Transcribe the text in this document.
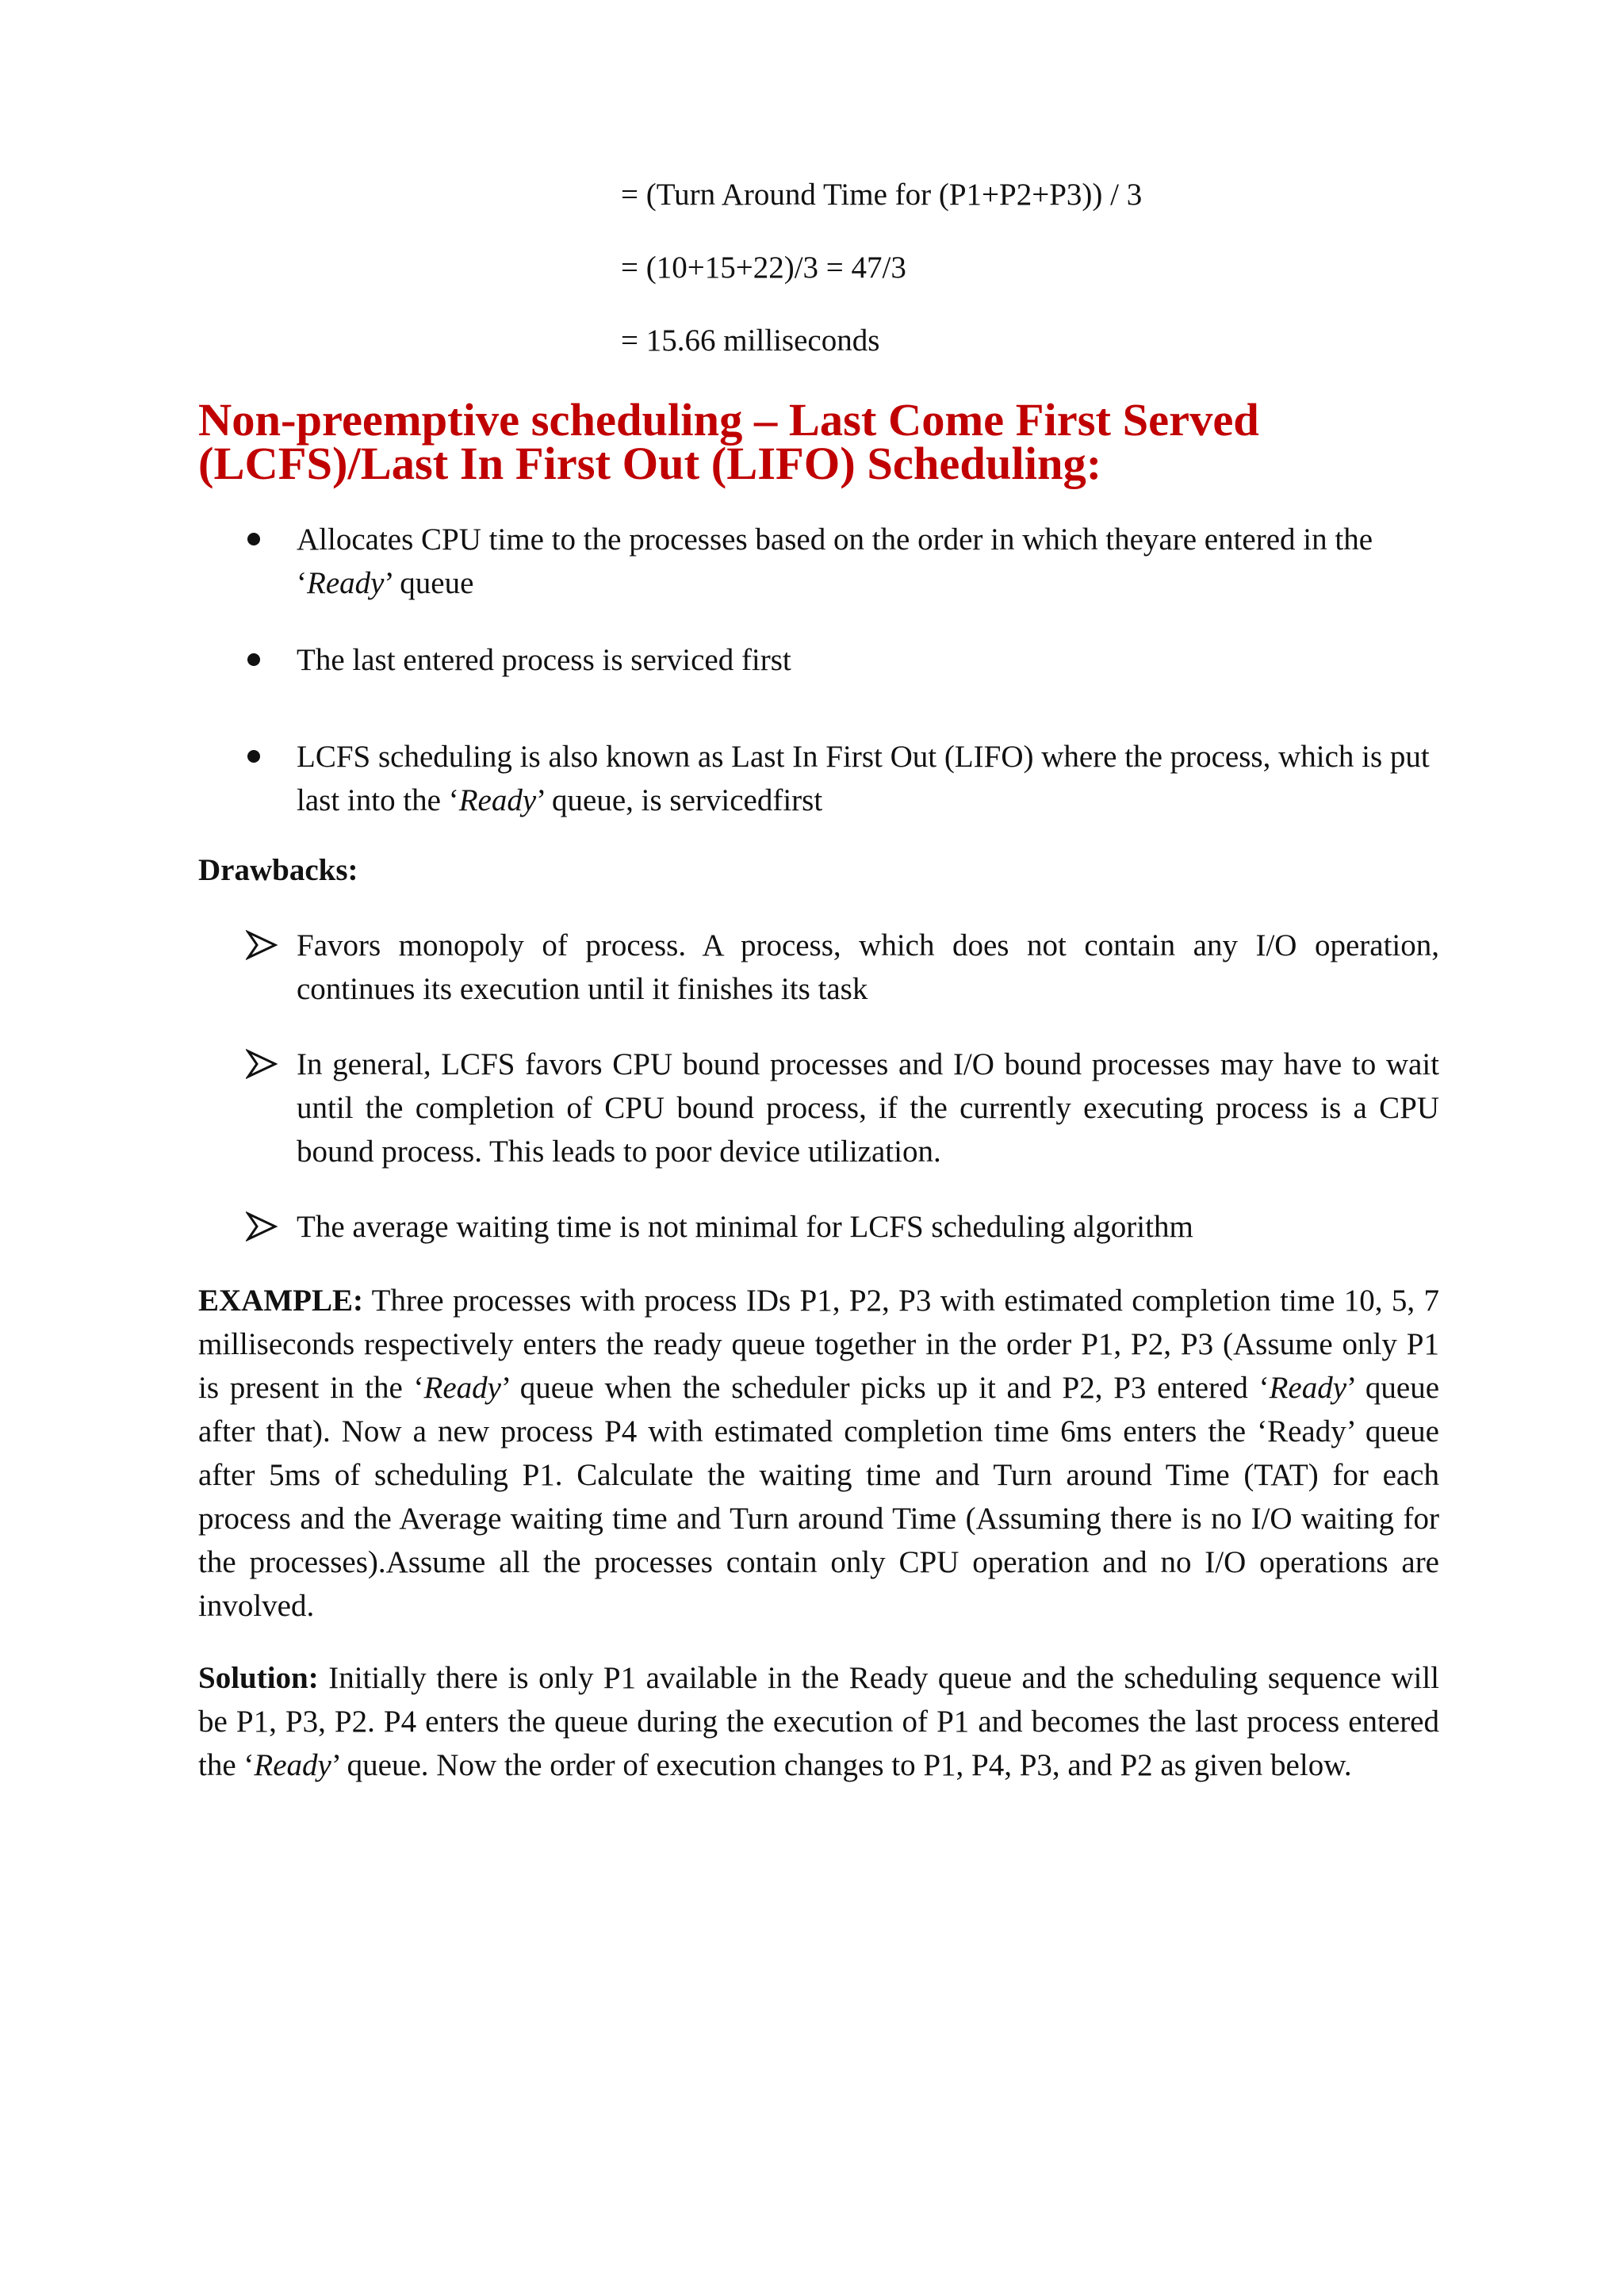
= (Turn Around Time for (P1+P2+P3)) / 3
= (10+15+22)/3 = 47/3
= 15.66 milliseconds
Non-preemptive scheduling – Last Come First Served (LCFS)/Last In First Out (LIFO) Scheduling:
Allocates CPU time to the processes based on the order in which theyare entered in the ‘Ready’ queue
The last entered process is serviced first
LCFS scheduling is also known as Last In First Out (LIFO) where the process, which is put last into the ‘Ready’ queue, is servicedfirst

Drawbacks:

Favors monopoly of process. A process, which does not contain any I/O operation, continues its execution until it finishes its task
In general, LCFS favors CPU bound processes and I/O bound processes may have to wait until the completion of CPU bound process, if the currently executing process is a CPU bound process. This leads to poor device utilization.
The average waiting time is not minimal for LCFS scheduling algorithm

EXAMPLE: Three processes with process IDs P1, P2, P3 with estimated completion time 10, 5, 7 milliseconds respectively enters the ready queue together in the order P1, P2, P3 (Assume only P1 is present in the ‘Ready’ queue when the scheduler picks up it and P2, P3 entered ‘Ready’ queue after that). Now a new process P4 with estimated completion time 6ms enters the ‘Ready’ queue after 5ms of scheduling P1. Calculate the waiting time and Turn around Time (TAT) for each process and the Average waiting time and Turn around Time (Assuming there is no I/O waiting for the processes).Assume all the processes contain only CPU operation and no I/O operations are involved.

Solution: Initially there is only P1 available in the Ready queue and the scheduling sequence will be P1, P3, P2. P4 enters the queue during the execution of P1 and becomes the last process entered the ‘Ready’ queue. Now the order of execution changes to P1, P4, P3, and P2 as given below.
